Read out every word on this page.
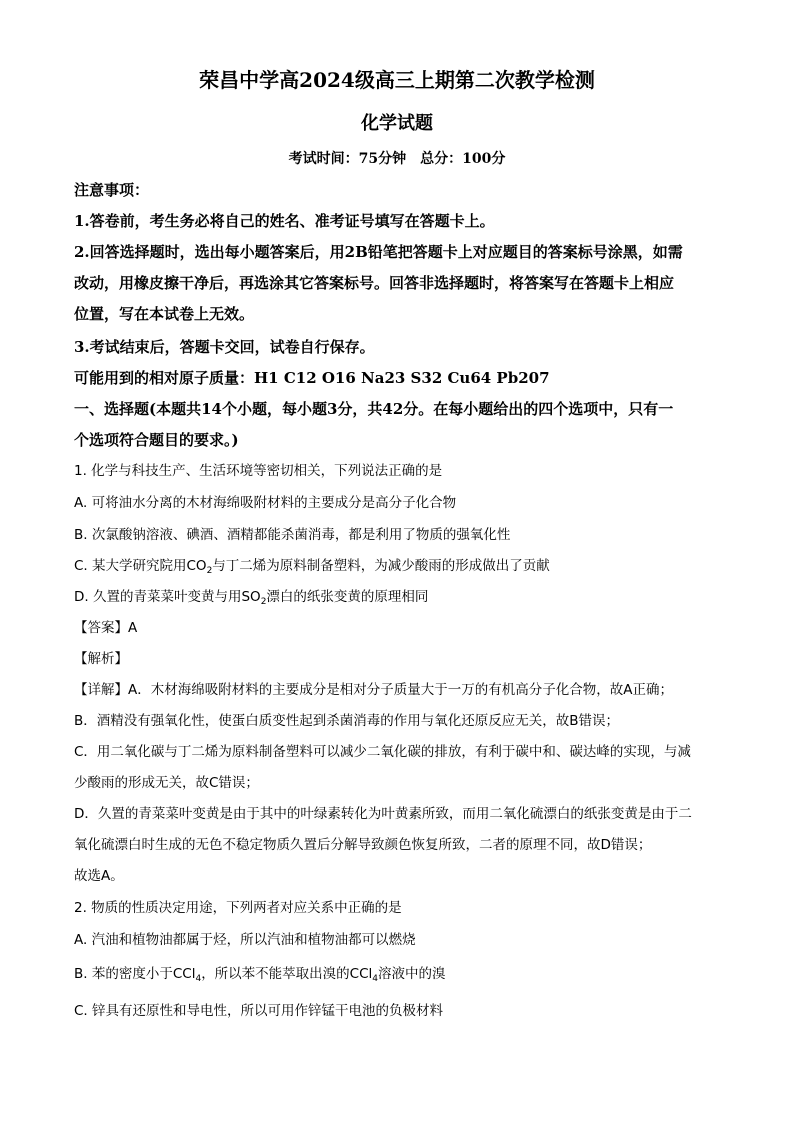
荣昌中学高2024级高三上期第二次教学检测
化学试题
考试时间：75分钟　总分：100分
注意事项：
1.答卷前，考生务必将自己的姓名、准考证号填写在答题卡上。
2.回答选择题时，选出每小题答案后，用2B铅笔把答题卡上对应题目的答案标号涂黑，如需
改动，用橡皮擦干净后，再选涂其它答案标号。回答非选择题时，将答案写在答题卡上相应
位置，写在本试卷上无效。
3.考试结束后，答题卡交回，试卷自行保存。
可能用到的相对原子质量：H1 C12 O16 Na23 S32 Cu64 Pb207
一、选择题(本题共14个小题，每小题3分，共42分。在每小题给出的四个选项中，只有一
个选项符合题目的要求。)
1. 化学与科技生产、生活环境等密切相关，下列说法正确的是
A. 可将油水分离的木材海绵吸附材料的主要成分是高分子化合物
B. 次氯酸钠溶液、碘酒、酒精都能杀菌消毒，都是利用了物质的强氧化性
C. 某大学研究院用$CO_2$与丁二烯为原料制备塑料，为减少酸雨的形成做出了贡献
D. 久置的青菜菜叶变黄与用$SO_2$漂白的纸张变黄的原理相同
【答案】A
【解析】
【详解】A．木材海绵吸附材料的主要成分是相对分子质量大于一万的有机高分子化合物，故A正确；
B．酒精没有强氧化性，使蛋白质变性起到杀菌消毒的作用与氧化还原反应无关，故B错误；
C．用二氧化碳与丁二烯为原料制备塑料可以减少二氧化碳的排放，有利于碳中和、碳达峰的实现，与减
少酸雨的形成无关，故C错误；
D．久置的青菜菜叶变黄是由于其中的叶绿素转化为叶黄素所致，而用二氧化硫漂白的纸张变黄是由于二
氧化硫漂白时生成的无色不稳定物质久置后分解导致颜色恢复所致，二者的原理不同，故D错误；
故选A。
2. 物质的性质决定用途，下列两者对应关系中正确的是
A. 汽油和植物油都属于烃，所以汽油和植物油都可以燃烧
B. 苯的密度小于CCl$_4$，所以苯不能萃取出溴的CCl$_4$溶液中的溴
C. 锌具有还原性和导电性，所以可用作锌锰干电池的负极材料
